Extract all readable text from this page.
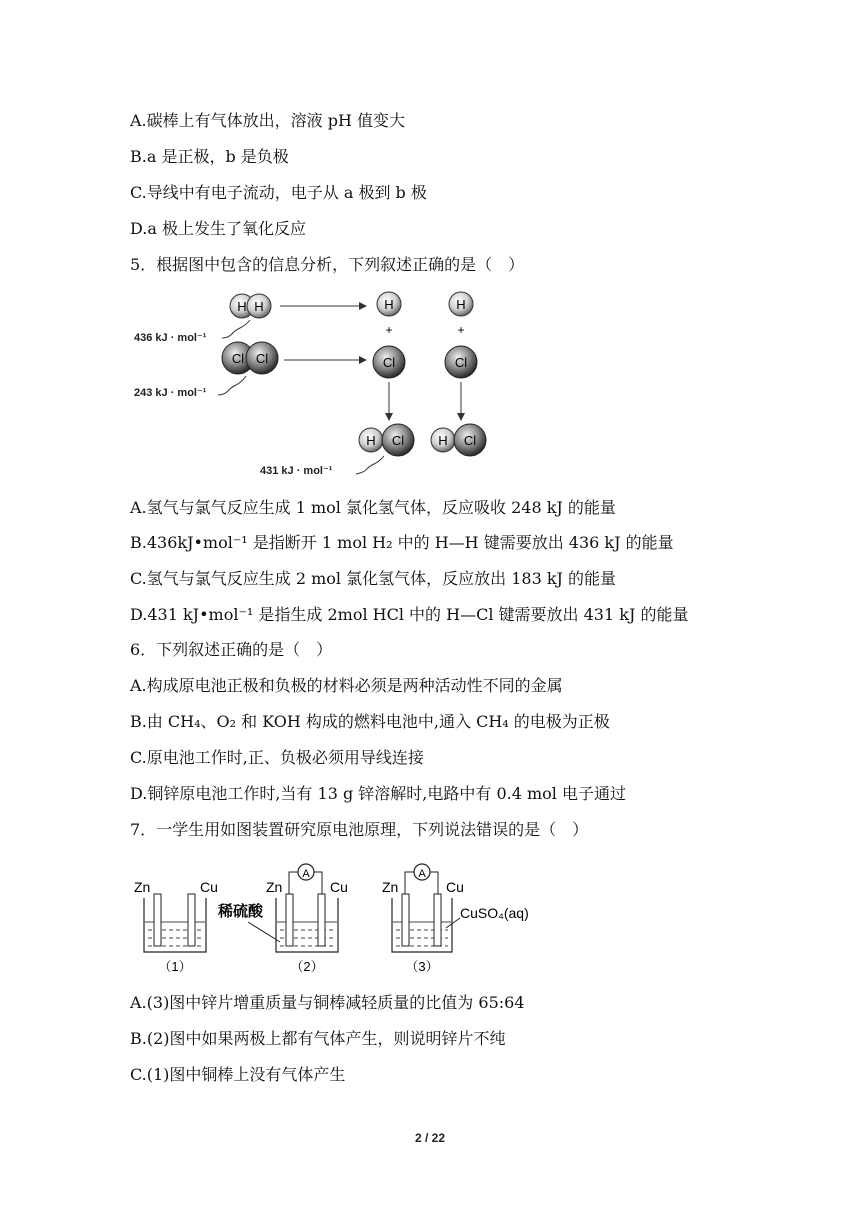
A.碳棒上有气体放出，溶液 pH 值变大
B.a 是正极，b 是负极
C.导线中有电子流动，电子从 a 极到 b 极
D.a 极上发生了氧化反应
5．根据图中包含的信息分析，下列叙述正确的是（　）
H H
436 kJ · mol⁻¹
Cl Cl
243 kJ · mol⁻¹
H
+
Cl
H
+
Cl
H Cl
431 kJ · mol⁻¹
H Cl
A.氢气与氯气反应生成 1 mol 氯化氢气体，反应吸收 248 kJ 的能量
B.436kJ•mol⁻¹ 是指断开 1 mol H₂ 中的 H—H 键需要放出 436 kJ 的能量
C.氢气与氯气反应生成 2 mol 氯化氢气体，反应放出 183 kJ 的能量
D.431 kJ•mol⁻¹ 是指生成 2mol HCl 中的 H—Cl 键需要放出 431 kJ 的能量
6．下列叙述正确的是（　）
A.构成原电池正极和负极的材料必须是两种活动性不同的金属
B.由 CH₄、O₂ 和 KOH 构成的燃料电池中,通入 CH₄ 的电极为正极
C.原电池工作时,正、负极必须用导线连接
D.铜锌原电池工作时,当有 13 g 锌溶解时,电路中有 0.4 mol 电子通过
7．一学生用如图装置研究原电池原理，下列说法错误的是（　）
Zn	Cu
（1）
稀硫酸
Zn	Cu
A
（2）
Zn	Cu
A
CuSO₄(aq)
（3）
A.(3)图中锌片增重质量与铜棒减轻质量的比值为 65:64
B.(2)图中如果两极上都有气体产生，则说明锌片不纯
C.(1)图中铜棒上没有气体产生
2 / 22
